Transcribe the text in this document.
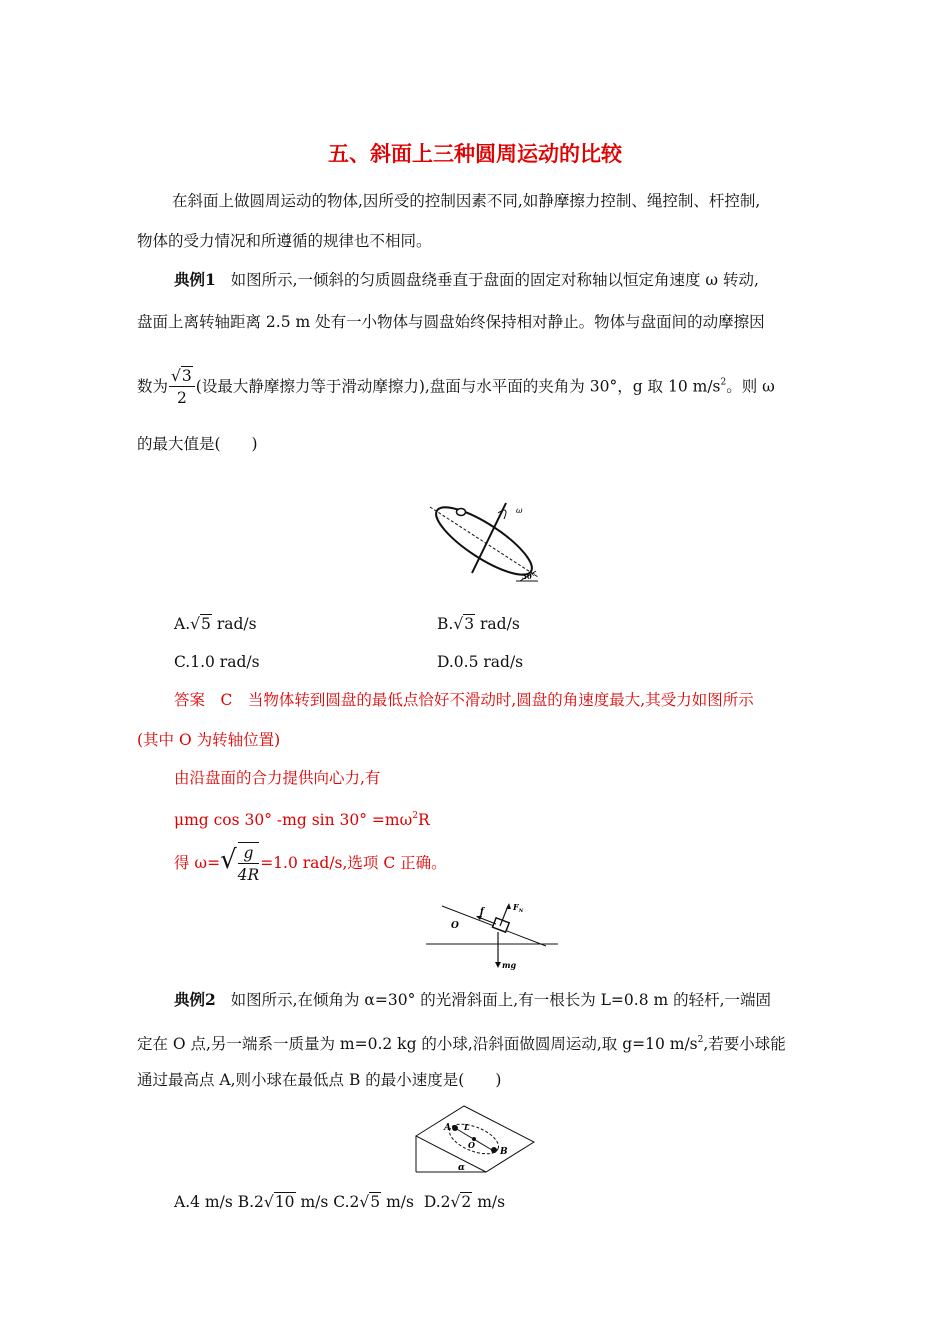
五、斜面上三种圆周运动的比较
在斜面上做圆周运动的物体,因所受的控制因素不同,如静摩擦力控制、绳控制、杆控制,
物体的受力情况和所遵循的规律也不相同。
典例1 如图所示,一倾斜的匀质圆盘绕垂直于盘面的固定对称轴以恒定角速度 ω 转动,
盘面上离转轴距离 2.5 m 处有一小物体与圆盘始终保持相对静止。物体与盘面间的动摩擦因
数为 $\frac{√3}{2}$ (设最大静摩擦力等于滑动摩擦力),盘面与水平面的夹角为 30°，g 取 10 $m/s^2$。则 ω
的最大值是(　　)
ω
30°
A.√5 rad/s	B.√3 rad/s
C.1.0 rad/s	D.0.5 rad/s
答案　C　当物体转到圆盘的最低点恰好不滑动时,圆盘的角速度最大,其受力如图所示
(其中 O 为转轴位置)
由沿盘面的合力提供向心力,有
μmg cos 30° -mg $\sin 30^\circ =m\omega^2R$
得 $\omega=√ \frac{g}{4R} =1.0$ rad/s,选项 C 正确。
O
f	$F_N$
mg
典例2 如图所示,在倾角为 α=30° 的光滑斜面上,有一根长为 L=0.8 m 的轻杆,一端固
定在 O 点,另一端系一质量为 m=0.2 kg 的小球,沿斜面做圆周运动,取 g=10 $m/s^2$,若要小球能
通过最高点 A,则小球在最低点 B 的最小速度是(　　)
A
B
L
O
α
A.4 m/s B.2√10 m/s C.2√5 m/s D.2√2 m/s
